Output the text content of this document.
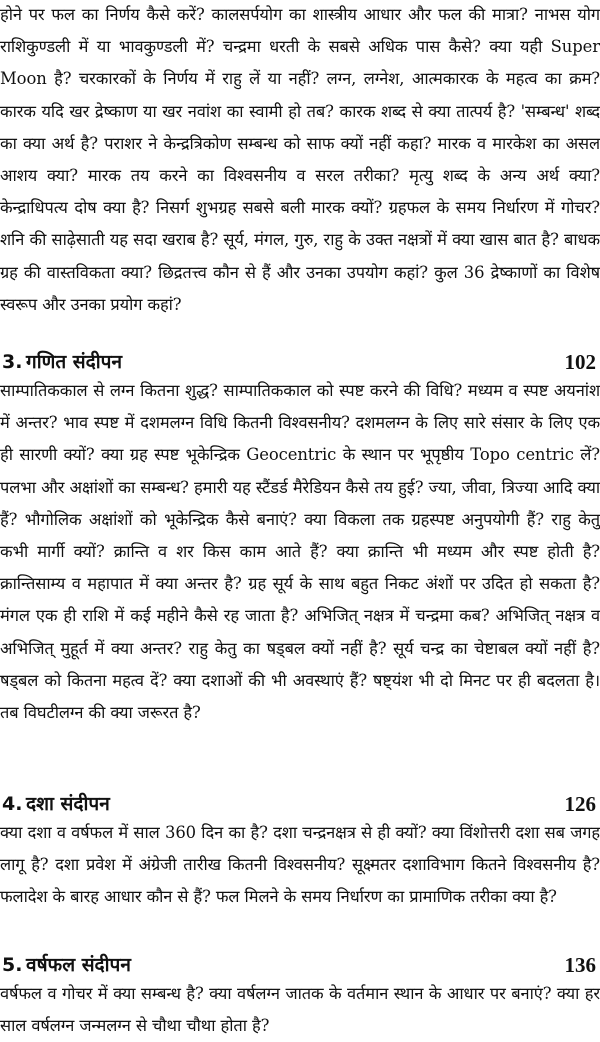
होने पर फल का निर्णय कैसे करें? कालसर्पयोग का शास्त्रीय आधार और फल की मात्रा? नाभस योग राशिकुण्डली में या भावकुण्डली में? चन्द्रमा धरती के सबसे अधिक पास कैसे? क्या यही Super Moon है? चरकारकों के निर्णय में राहु लें या नहीं? लग्न, लग्नेश, आत्मकारक के महत्व का क्रम? कारक यदि खर द्रेष्काण या खर नवांश का स्वामी हो तब? कारक शब्द से क्या तात्पर्य है? 'सम्बन्ध' शब्द का क्या अर्थ है? पराशर ने केन्द्रत्रिकोण सम्बन्ध को साफ क्यों नहीं कहा? मारक व मारकेश का असल आशय क्या? मारक तय करने का विश्वसनीय व सरल तरीका? मृत्यु शब्द के अन्य अर्थ क्या? केन्द्राधिपत्य दोष क्या है? निसर्ग शुभग्रह सबसे बली मारक क्यों? ग्रहफल के समय निर्धारण में गोचर? शनि की साढ़ेसाती यह सदा खराब है? सूर्य, मंगल, गुरु, राहु के उक्त नक्षत्रों में क्या खास बात है? बाधक ग्रह की वास्तविकता क्या? छिद्रतत्त्व कौन से हैं और उनका उपयोग कहां? कुल 36 द्रेष्काणों का विशेष स्वरूप और उनका प्रयोग कहां?

3. गणित संदीपन	102

साम्पातिककाल से लग्न कितना शुद्ध? साम्पातिककाल को स्पष्ट करने की विधि? मध्यम व स्पष्ट अयनांश में अन्तर? भाव स्पष्ट में दशमलग्न विधि कितनी विश्वसनीय? दशमलग्न के लिए सारे संसार के लिए एक ही सारणी क्यों? क्या ग्रह स्पष्ट भूकेन्द्रिक Geocentric के स्थान पर भूपृष्ठीय Topo centric लें? पलभा और अक्षांशों का सम्बन्ध? हमारी यह स्टैंडर्ड मैरेडियन कैसे तय हुई? ज्या, जीवा, त्रिज्या आदि क्या हैं? भौगोलिक अक्षांशों को भूकेन्द्रिक कैसे बनाएं? क्या विकला तक ग्रहस्पष्ट अनुपयोगी हैं? राहु केतु कभी मार्गी क्यों? क्रान्ति व शर किस काम आते हैं? क्या क्रान्ति भी मध्यम और स्पष्ट होती है? क्रान्तिसाम्य व महापात में क्या अन्तर है? ग्रह सूर्य के साथ बहुत निकट अंशों पर उदित हो सकता है? मंगल एक ही राशि में कई महीने कैसे रह जाता है? अभिजित् नक्षत्र में चन्द्रमा कब? अभिजित् नक्षत्र व अभिजित् मुहूर्त में क्या अन्तर? राहु केतु का षड्बल क्यों नहीं है? सूर्य चन्द्र का चेष्टाबल क्यों नहीं है? षड्बल को कितना महत्व दें? क्या दशाओं की भी अवस्थाएं हैं? षष्ट्यंश भी दो मिनट पर ही बदलता है। तब विघटीलग्न की क्या जरूरत है?

4. दशा संदीपन	126

क्या दशा व वर्षफल में साल 360 दिन का है? दशा चन्द्रनक्षत्र से ही क्यों? क्या विंशोत्तरी दशा सब जगह लागू है? दशा प्रवेश में अंग्रेजी तारीख कितनी विश्वसनीय? सूक्ष्मतर दशाविभाग कितने विश्वसनीय है? फलादेश के बारह आधार कौन से हैं? फल मिलने के समय निर्धारण का प्रामाणिक तरीका क्या है?

5. वर्षफल संदीपन	136

वर्षफल व गोचर में क्या सम्बन्ध है? क्या वर्षलग्न जातक के वर्तमान स्थान के आधार पर बनाएं? क्या हर साल वर्षलग्न जन्मलग्न से चौथा चौथा होता है?
